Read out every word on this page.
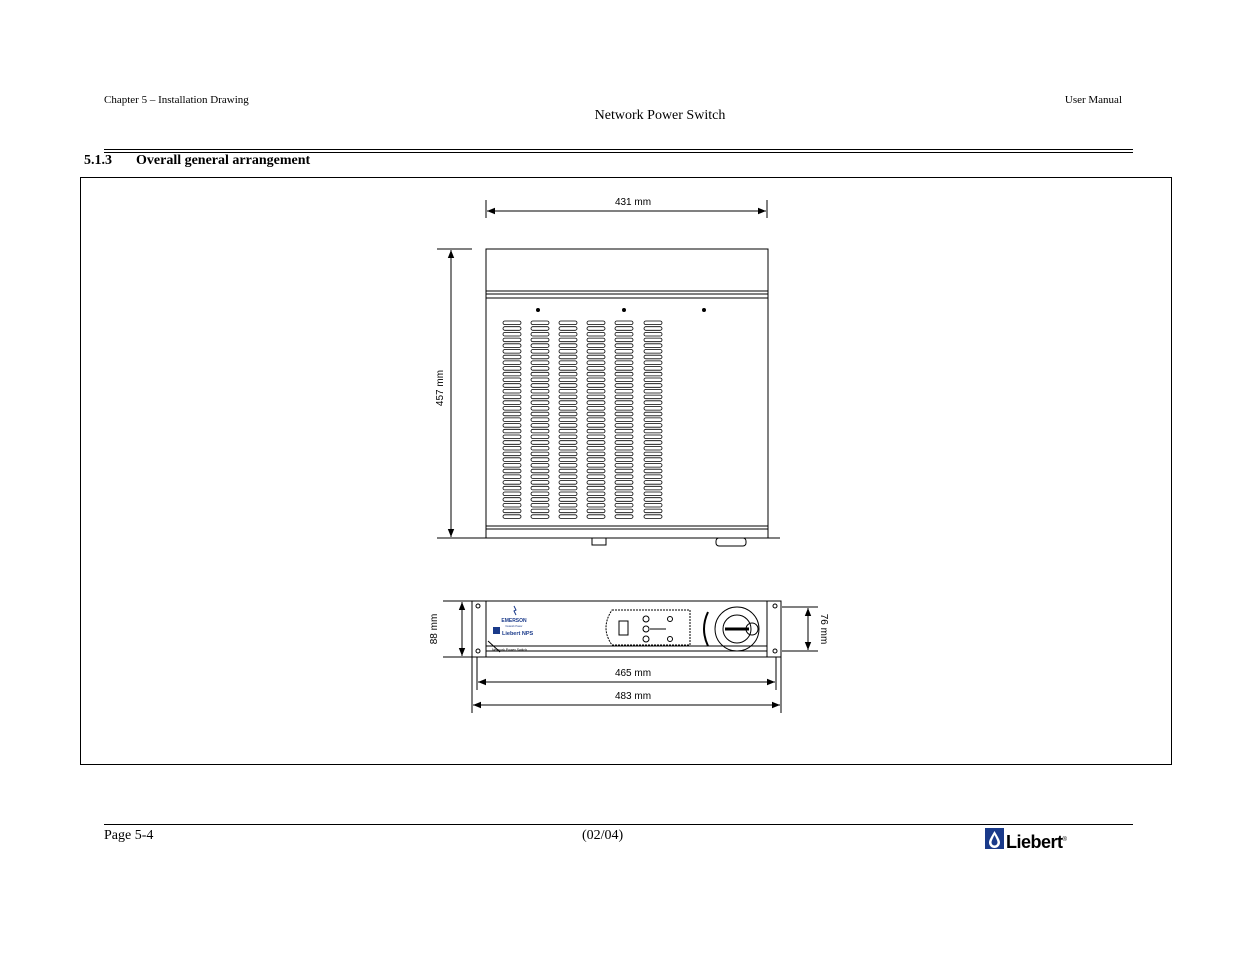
Chapter 5 – Installation Drawing	User Manual
Network Power Switch
5.1.3 Overall general arrangement
431 mm
457 mm
EMERSON
Network Power
Liebert NPS
Network Power Switch
88 mm	76 mm
465 mm
483 mm
Page 5-4	(02/04)	Liebert®
